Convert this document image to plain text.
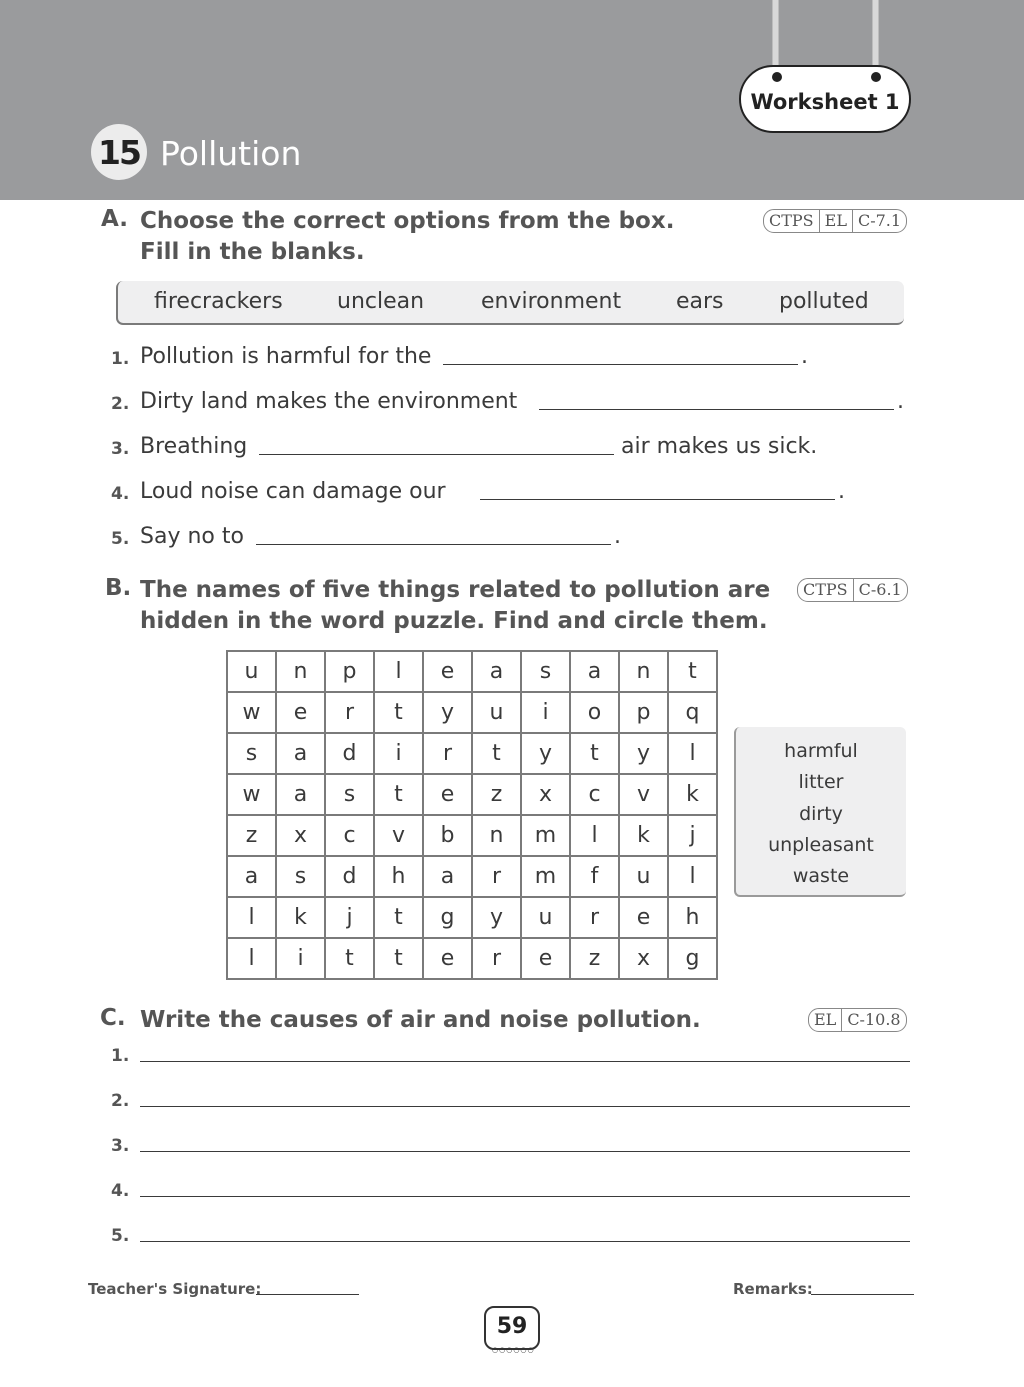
Worksheet 1
15 Pollution
A. Choose the correct options from the box.
Fill in the blanks.
CTPS EL C-7.1
firecrackers unclean	environment ears	polluted
1. Pollution is harmful for the	.
2. Dirty land makes the environment	.
3. Breathing	air makes us sick.
4. Loud noise can damage our	.
5. Say no to	.
B. The names of five things related to pollution are
hidden in the word puzzle. Find and circle them.
CTPS C-6.1
u	n	p	l	e	a	s	a	n	t
w	e	r	t	y	u	i	o	p	q
s	a	d	i	r	t	y	t	y	l
w	a	s	t	e	z	x	c	v	k
z	x	c	v	b	n	m	l	k	j
a	s	d	h	a	r	m	f	u	l
l	k	j	t	g	y	u	r	e	h
l	i	t	t	e	r	e	z	x	g
harmful
litter
dirty
unpleasant
waste
C. Write the causes of air and noise pollution.	EL C-10.8
1.
2.
3.
4.
5.
Teacher's Signature:	Remarks:
59
○○○○○○
